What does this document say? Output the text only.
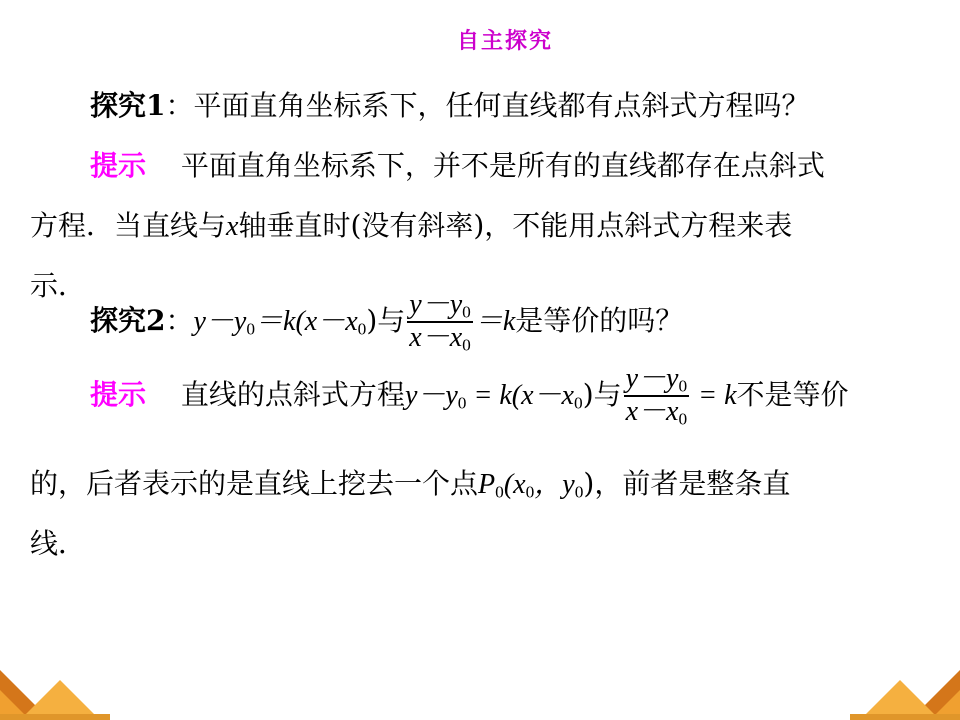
自主探究
探究1：平面直角坐标系下，任何直线都有点斜式方程吗？
提示 平面直角坐标系下，并不是所有的直线都存在点斜式
方程．当直线与x轴垂直时(没有斜率)，不能用点斜式方程来表
示．
探究2：$y-y_0=k(x-x_0)$与 $\frac{y-y_0}{x-x_0} =k$是等价的吗？
提示 直线的点斜式方程$y-y_0 = k(x-x_0)$与 $\frac{y-y_0}{x-x_0} = k$不是等价
的，后者表示的是直线上挖去一个点$P_0(x_0$，$y_0$)，前者是整条直
线．
